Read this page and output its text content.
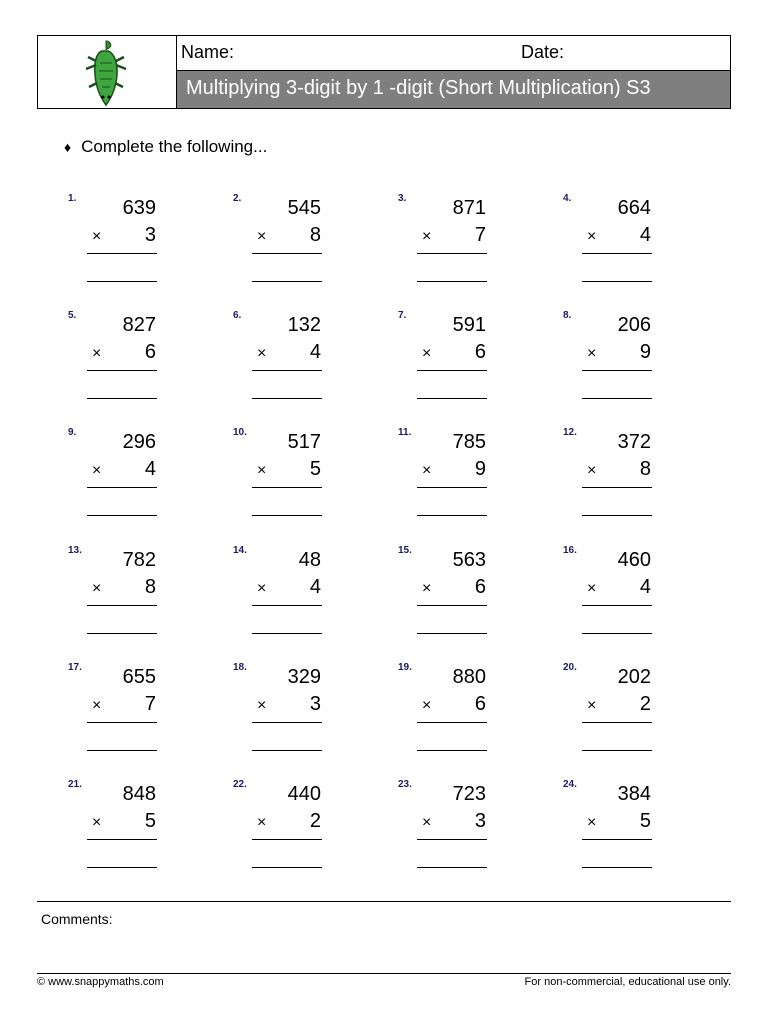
Name:	Date:
Multiplying 3-digit by 1 -digit (Short Multiplication) S3
♦ Complete the following...
1. 639
× 3
2. 545
× 8
3. 871
× 7
4. 664
× 4
5. 827
× 6
6. 132
× 4
7. 591
× 6
8. 206
× 9
9. 296
× 4
10. 517
× 5
11. 785
× 9
12. 372
× 8
13. 782
× 8
14.	48
× 4
15. 563
× 6
16. 460
× 4
17. 655
× 7
18. 329
× 3
19. 880
× 6
20. 202
× 2
21. 848
× 5
22. 440
× 2
23. 723
× 3
24. 384
× 5
Comments:
© www.snappymaths.com	For non-commercial, educational use only.
